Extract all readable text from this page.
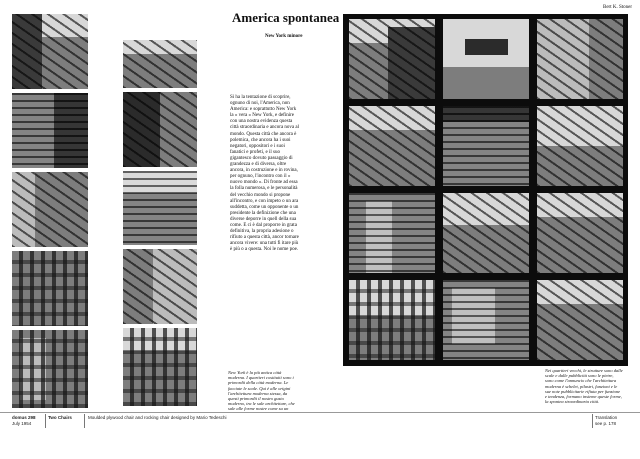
America spontanea
New York minore

Si ha la tentazione di scoprire, ognuno di noi, l'America, non America: e soprattutto New York la « vera » New York, e definire con una nostra evidenza questa città straordinaria e ancora nova al mondo. Questa città che ancora è polemica, che ancora ha i suoi negatori, oppositori e i suoi fanatici e profeti, e il suo gigantesco dovuto passaggio di grandezza e di diversa, oltre ancora, in costruzione e in rovina, per ognuno, l'incontro con il « nuovo mondo ». Di fronte ad essa la folla numerosa, e le personalità del vecchio mondo si propone all'incontro, e con impeto o un ara suddetta, come un opponente o un presidente la definizione che una diverse deporre in quell della sua come. E ci è dal proporre in grata definitiva, la propria adesione o rifiuto a questa città, ancor tornare ancora vivere: una tutti fi itare più è più o a questa. Noi le nome poe.

New York è la più antica città moderna. I quartieri costituiti sono i primordii della città moderna. Le facciate le scale. Qui è alle origini l'architettura moderna stessa, da questi primordii il nostro gusto moderno, tra le sale architetture, che sale alle forme nostre come su un

Bert K. Stoner

Nei quartieri vecchi, le strutture sono dalle scale e dalle pubblicità sono le pietre, sono come l'annuncio che l'architettura moderna è schelet, pilastri, funzioni e le sue note pubblicitarie rifiuta per funzione e tendenza, formano insieme queste forme, la spontea straordinaria città.

domus 298
July 1954
Two Chairs	Moulded plywood chair and rocking chair designed by Mario Tedeschi	Translation
see p. 178
